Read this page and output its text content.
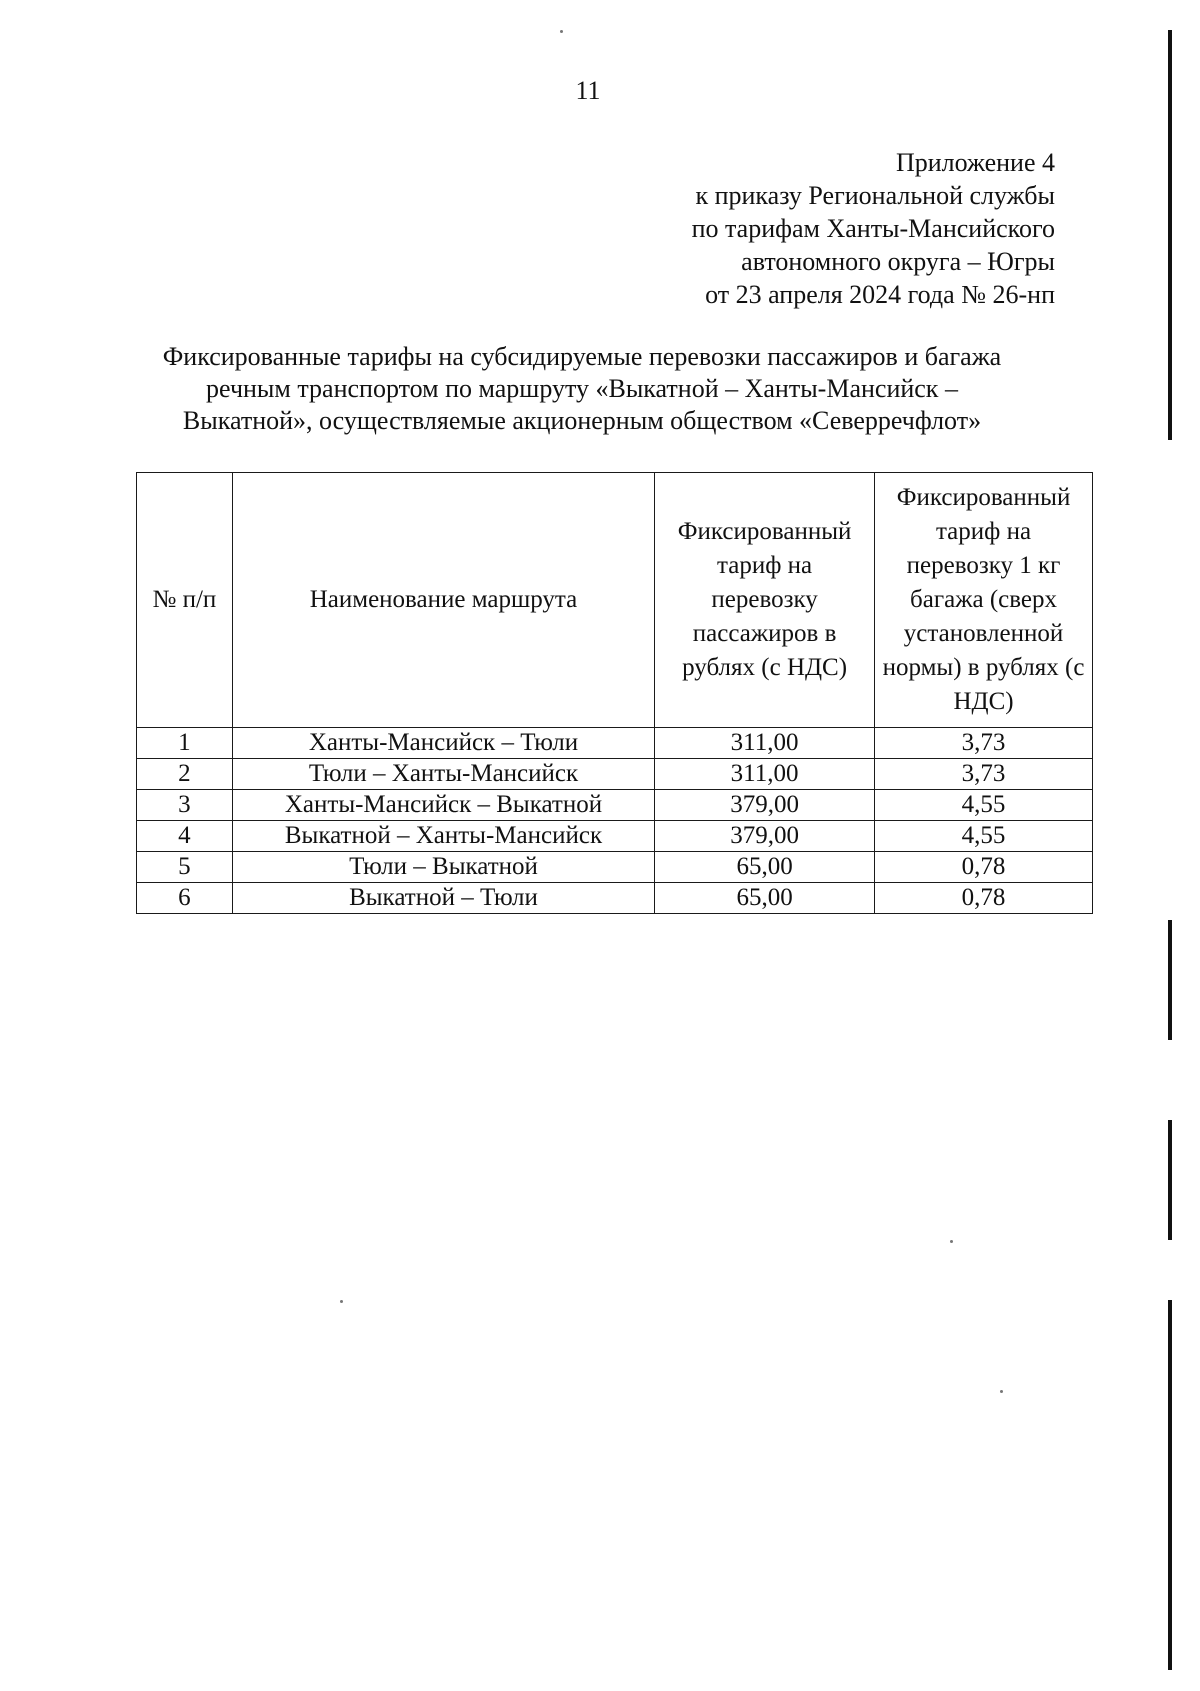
11
Приложение 4
к приказу Региональной службы
по тарифам Ханты-Мансийского
автономного округа – Югры
от 23 апреля 2024 года № 26-нп
Фиксированные тарифы на субсидируемые перевозки пассажиров и багажа
речным транспортом по маршруту «Выкатной – Ханты-Мансийск –
Выкатной», осуществляемые акционерным обществом «Северречфлот»
№ п/п	Наименование маршрута	Фиксированный тариф на перевозку пассажиров в рублях (с НДС)	Фиксированный тариф на перевозку 1 кг багажа (сверх установленной нормы) в рублях (с НДС)
1	Ханты-Мансийск – Тюли	311,00	3,73
2	Тюли – Ханты-Мансийск	311,00	3,73
3	Ханты-Мансийск – Выкатной	379,00	4,55
4	Выкатной – Ханты-Мансийск	379,00	4,55
5	Тюли – Выкатной	65,00	0,78
6	Выкатной – Тюли	65,00	0,78
